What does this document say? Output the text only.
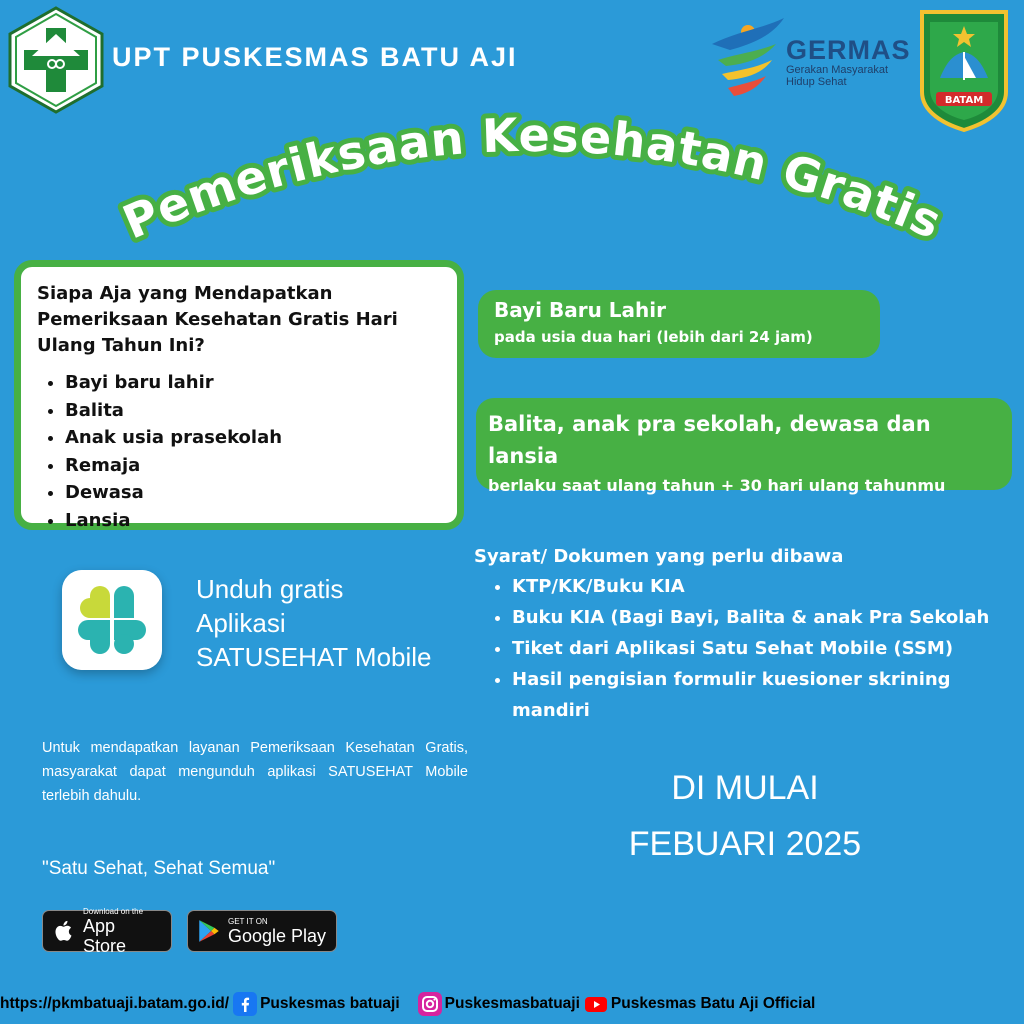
UPT PUSKESMAS BATU AJI	GERMAS
Gerakan Masyarakat
Hidup Sehat
BATAM
Pemeriksaan Kesehatan Gratis

Siapa Aja yang Mendapatkan Pemeriksaan Kesehatan Gratis Hari Ulang Tahun Ini?

• Bayi baru lahir
• Balita
• Anak usia prasekolah
• Remaja
• Dewasa
• Lansia
Bayi Baru Lahir
pada usia dua hari (lebih dari 24 jam)
Balita, anak pra sekolah, dewasa dan lansia
berlaku saat ulang tahun + 30 hari ulang tahunmu
Syarat/ Dokumen yang perlu dibawa
• KTP/KK/Buku KIA
• Buku KIA (Bagi Bayi, Balita & anak Pra Sekolah
• Tiket dari Aplikasi Satu Sehat Mobile (SSM)
• Hasil pengisian formulir kuesioner skrining mandiri
Unduh gratis
Aplikasi
SATUSEHAT Mobile
Untuk mendapatkan layanan Pemeriksaan Kesehatan Gratis, masyarakat dapat mengunduh aplikasi SATUSEHAT Mobile terlebih dahulu.
"Satu Sehat, Sehat Semua"
Download on the
App Store
GET IT ON
Google Play
DI MULAI
FEBUARI 2025
https://pkmbatuaji.batam.go.id/ Puskesmas batuaji	Puskesmasbatuaji Puskesmas Batu Aji Official
